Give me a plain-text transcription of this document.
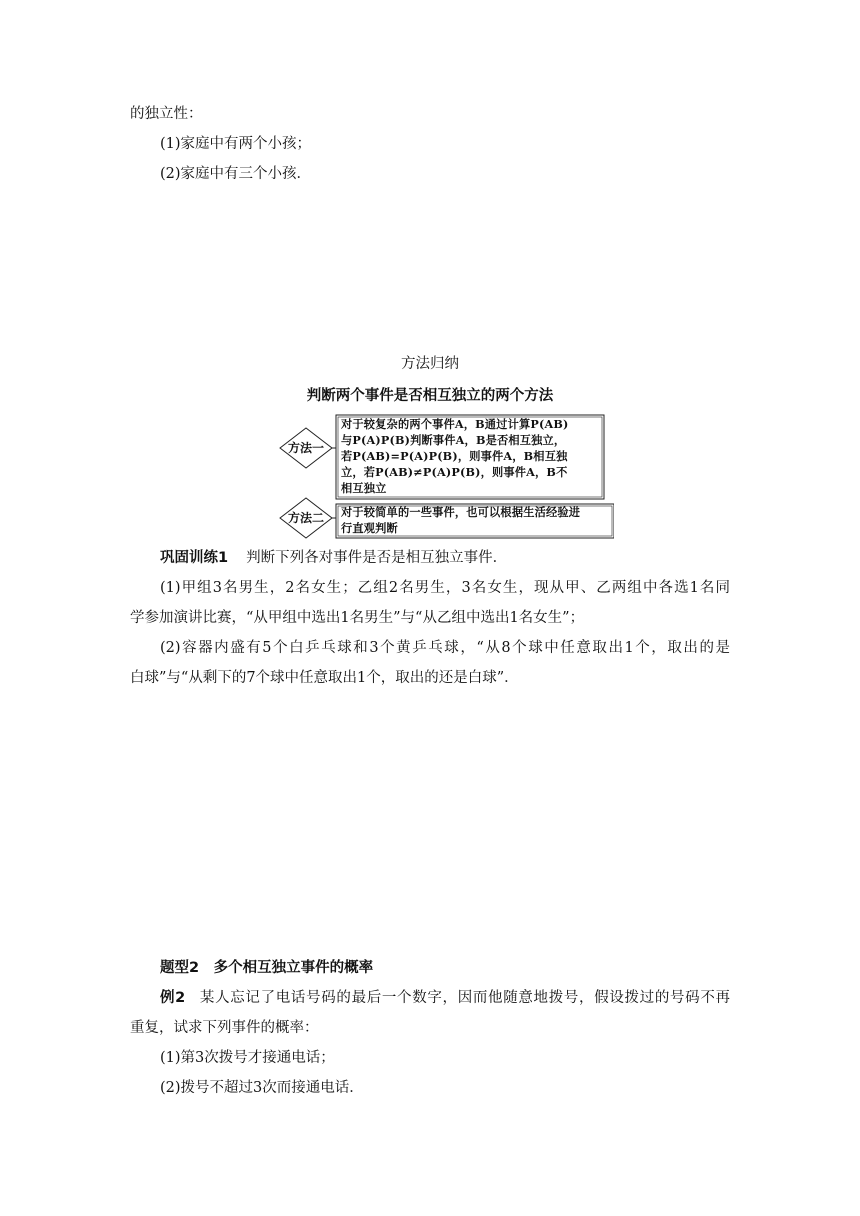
的独立性：
(1)家庭中有两个小孩；
(2)家庭中有三个小孩．
方法归纳
判断两个事件是否相互独立的两个方法
方法一
方法二
对于较复杂的两个事件A，B通过计算P(AB)
与P(A)P(B)判断事件A，B是否相互独立，
若P(AB)=P(A)P(B)，则事件A，B相互独
立，若P(AB)≠P(A)P(B)，则事件A，B不
相互独立
对于较简单的一些事件，也可以根据生活经验进
行直观判断
巩固训练1 判断下列各对事件是否是相互独立事件．
(1)甲组3名男生，2名女生；乙组2名男生，3名女生，现从甲、乙两组中各选1名同
学参加演讲比赛，“从甲组中选出1名男生”与“从乙组中选出1名女生”；
(2)容器内盛有5个白乒乓球和3个黄乒乓球，“从8个球中任意取出1个，取出的是
白球”与“从剩下的7个球中任意取出1个，取出的还是白球”．
题型2　多个相互独立事件的概率
例2 某人忘记了电话号码的最后一个数字，因而他随意地拨号，假设拨过的号码不再
重复，试求下列事件的概率：
(1)第3次拨号才接通电话；
(2)拨号不超过3次而接通电话．
